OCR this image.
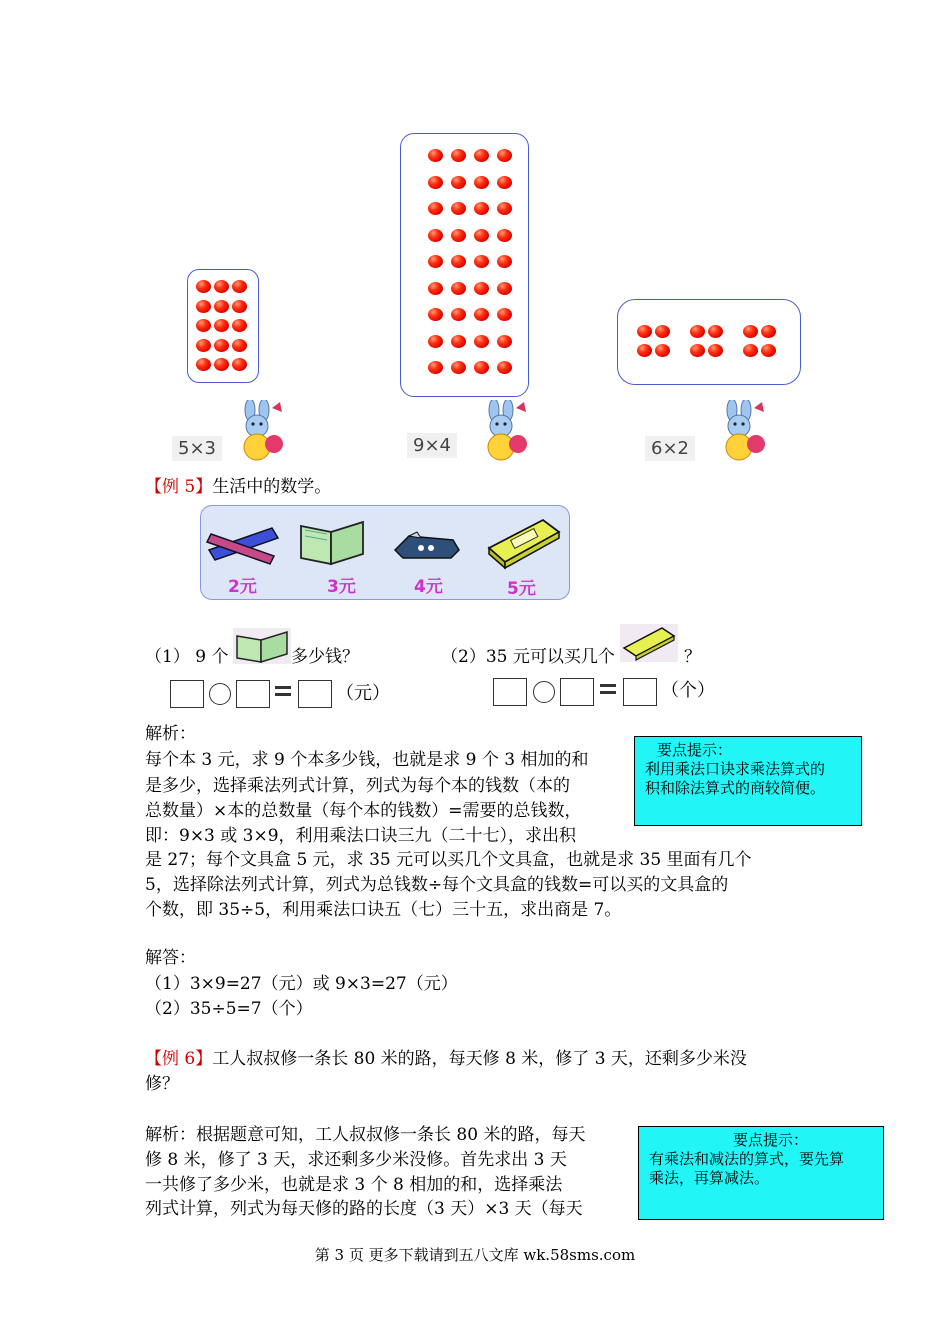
5×3	9×4	6×2
【例 5】生活中的数学。
2元	3元	4元	5元
（1） 9 个	多少钱？	（2）35 元可以买几个	？
（元）	（个）
解析：
每个本 3 元，求 9 个本多少钱，也就是求 9 个 3 相加的和
是多少，选择乘法列式计算，列式为每个本的钱数（本的
总数量）×本的总数量（每个本的钱数）=需要的总钱数，
即：9×3 或 3×9，利用乘法口诀三九（二十七），求出积
是 27；每个文具盒 5 元，求 35 元可以买几个文具盒，也就是求 35 里面有几个
5，选择除法列式计算，列式为总钱数÷每个文具盒的钱数=可以买的文具盒的
个数，即 35÷5，利用乘法口诀五（七）三十五，求出商是 7。
要点提示：
利用乘法口诀求乘法算式的
积和除法算式的商较简便。
解答：
（1）3×9=27（元）或 9×3=27（元）
（2）35÷5=7（个）
【例 6】工人叔叔修一条长 80 米的路，每天修 8 米，修了 3 天，还剩多少米没
修？
解析：根据题意可知，工人叔叔修一条长 80 米的路，每天
修 8 米，修了 3 天，求还剩多少米没修。首先求出 3 天
一共修了多少米，也就是求 3 个 8 相加的和，选择乘法
列式计算，列式为每天修的路的长度（3 天）×3 天（每天
要点提示：
有乘法和减法的算式，要先算
乘法，再算减法。
第 3 页 更多下载请到五八文库 wk.58sms.com
